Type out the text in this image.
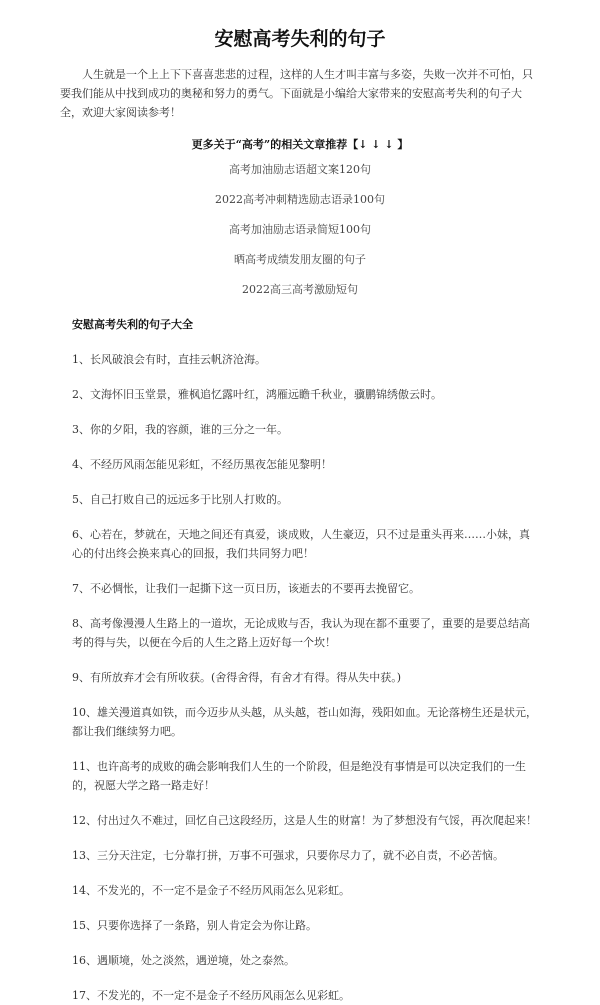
安慰高考失利的句子

人生就是一个上上下下喜喜悲悲的过程，这样的人生才叫丰富与多姿，失败一次并不可怕，只要我们能从中找到成功的奥秘和努力的勇气。下面就是小编给大家带来的安慰高考失利的句子大全，欢迎大家阅读参考！

更多关于“高考”的相关文章推荐【↓ ↓ ↓ 】
高考加油励志语超文案120句
2022高考冲刺精选励志语录100句
高考加油励志语录简短100句
晒高考成绩发朋友圈的句子
2022高三高考激励短句
安慰高考失利的句子大全
1、长风破浪会有时，直挂云帆济沧海。
2、文海怀旧玉堂景，雅枫追忆露叶红，鸿雁远瞻千秋业，骥鹏锦绣傲云时。
3、你的夕阳，我的容颜，谁的三分之一年。
4、不经历风雨怎能见彩虹，不经历黑夜怎能见黎明！
5、自己打败自己的远远多于比别人打败的。
6、心若在，梦就在，天地之间还有真爱，谈成败，人生豪迈，只不过是重头再来……小妹，真心的付出终会换来真心的回报，我们共同努力吧！
7、不必惆怅，让我们一起撕下这一页日历，该逝去的不要再去挽留它。
8、高考像漫漫人生路上的一道坎，无论成败与否，我认为现在都不重要了，重要的是要总结高考的得与失，以便在今后的人生之路上迈好每一个坎！
9、有所放弃才会有所收获。(舍得舍得，有舍才有得。得从失中获。)
10、雄关漫道真如铁，而今迈步从头越，从头越，苍山如海，残阳如血。无论落榜生还是状元，都让我们继续努力吧。
11、也许高考的成败的确会影响我们人生的一个阶段，但是绝没有事情是可以决定我们的一生的，祝愿大学之路一路走好！
12、付出过久不难过，回忆自己这段经历，这是人生的财富！为了梦想没有气馁，再次爬起来！
13、三分天注定，七分靠打拼，万事不可强求，只要你尽力了，就不必自责，不必苦恼。
14、不发光的，不一定不是金子不经历风雨怎么见彩虹。
15、只要你选择了一条路，别人肯定会为你让路。
16、遇顺境，处之淡然，遇逆境，处之泰然。
17、不发光的，不一定不是金子不经历风雨怎么见彩虹。
